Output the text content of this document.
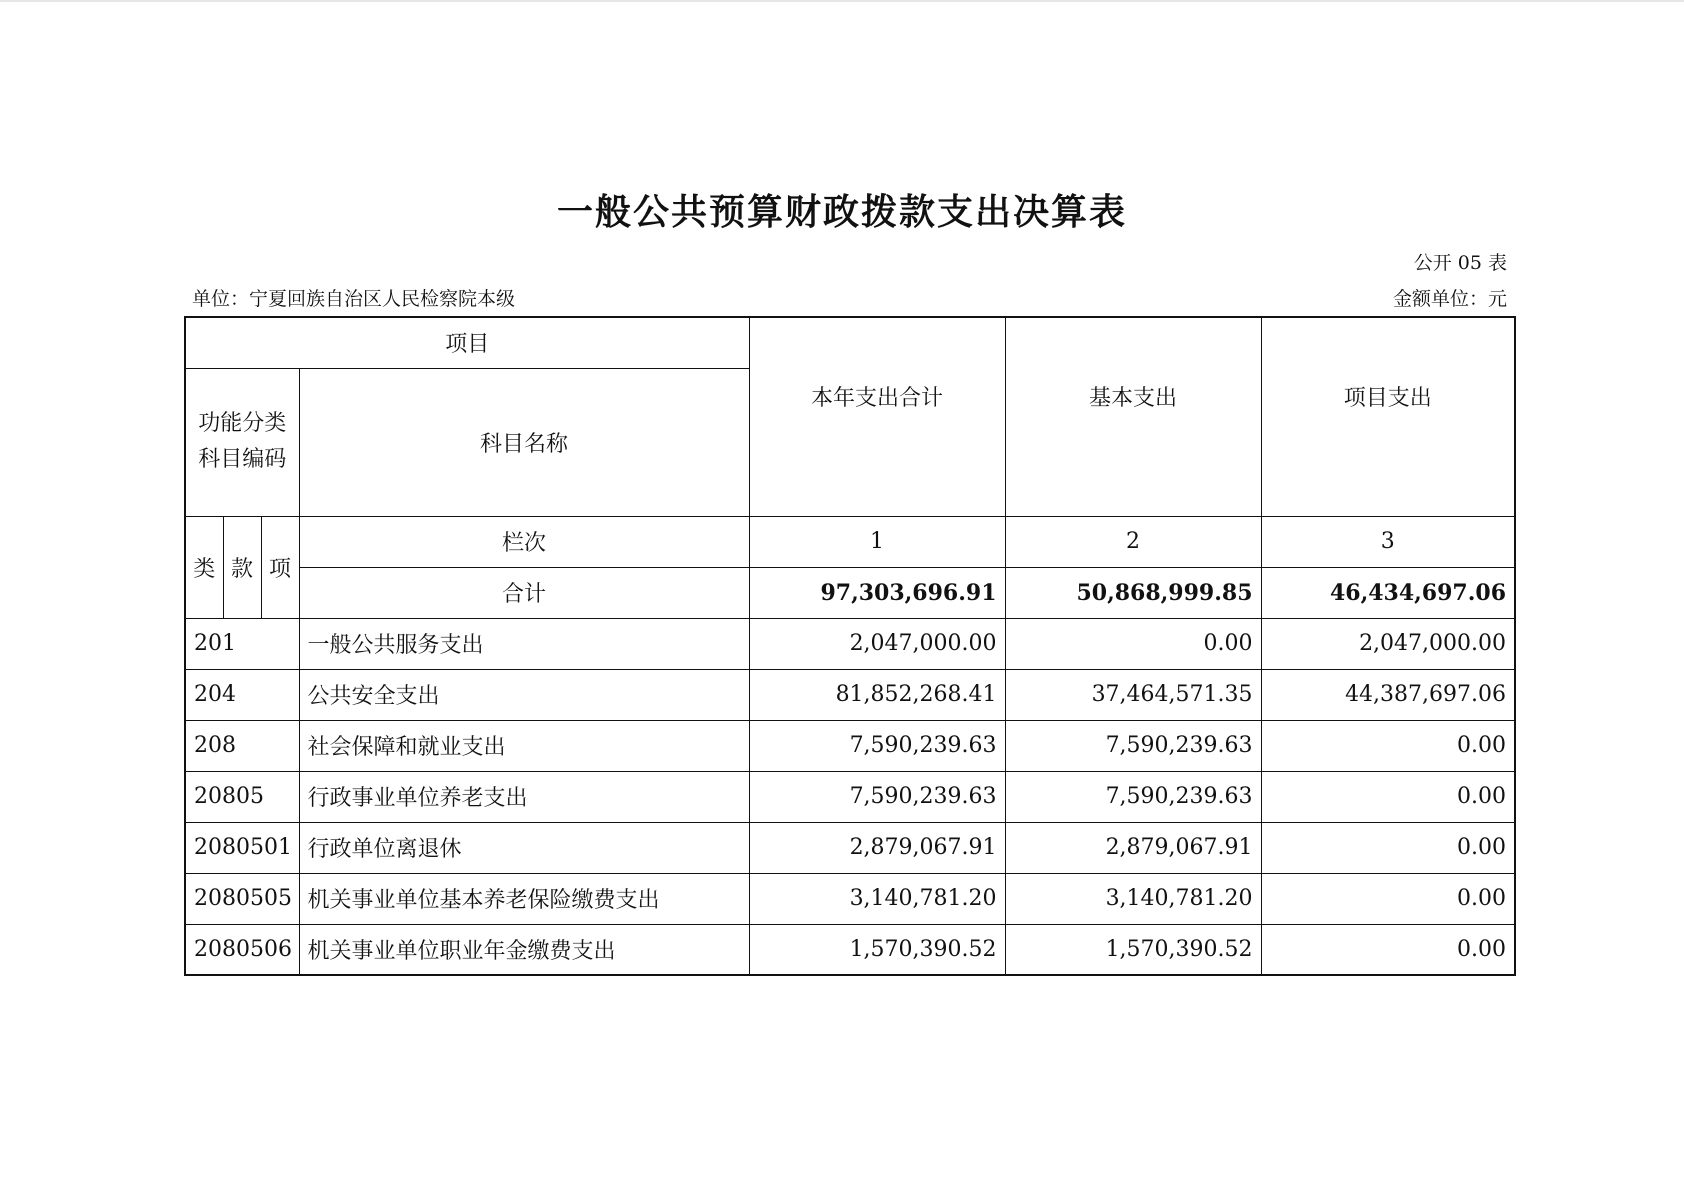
一般公共预算财政拨款支出决算表
公开 05 表
单位：宁夏回族自治区人民检察院本级	金额单位：元
项目				本年支出合计	基本支出	项目支出

功能分类
科目编码			科目名称			
类	款	项	栏次	1	2	3
			合计	97,303,696.91	50,868,999.85	46,434,697.06
201			一般公共服务支出	2,047,000.00	0.00	2,047,000.00
204			公共安全支出	81,852,268.41	37,464,571.35	44,387,697.06
208			社会保障和就业支出	7,590,239.63	7,590,239.63	0.00
20805			行政事业单位养老支出	7,590,239.63	7,590,239.63	0.00
2080501			行政单位离退休	2,879,067.91	2,879,067.91	0.00
2080505			机关事业单位基本养老保险缴费支出	3,140,781.20	3,140,781.20	0.00
2080506			机关事业单位职业年金缴费支出	1,570,390.52	1,570,390.52	0.00
